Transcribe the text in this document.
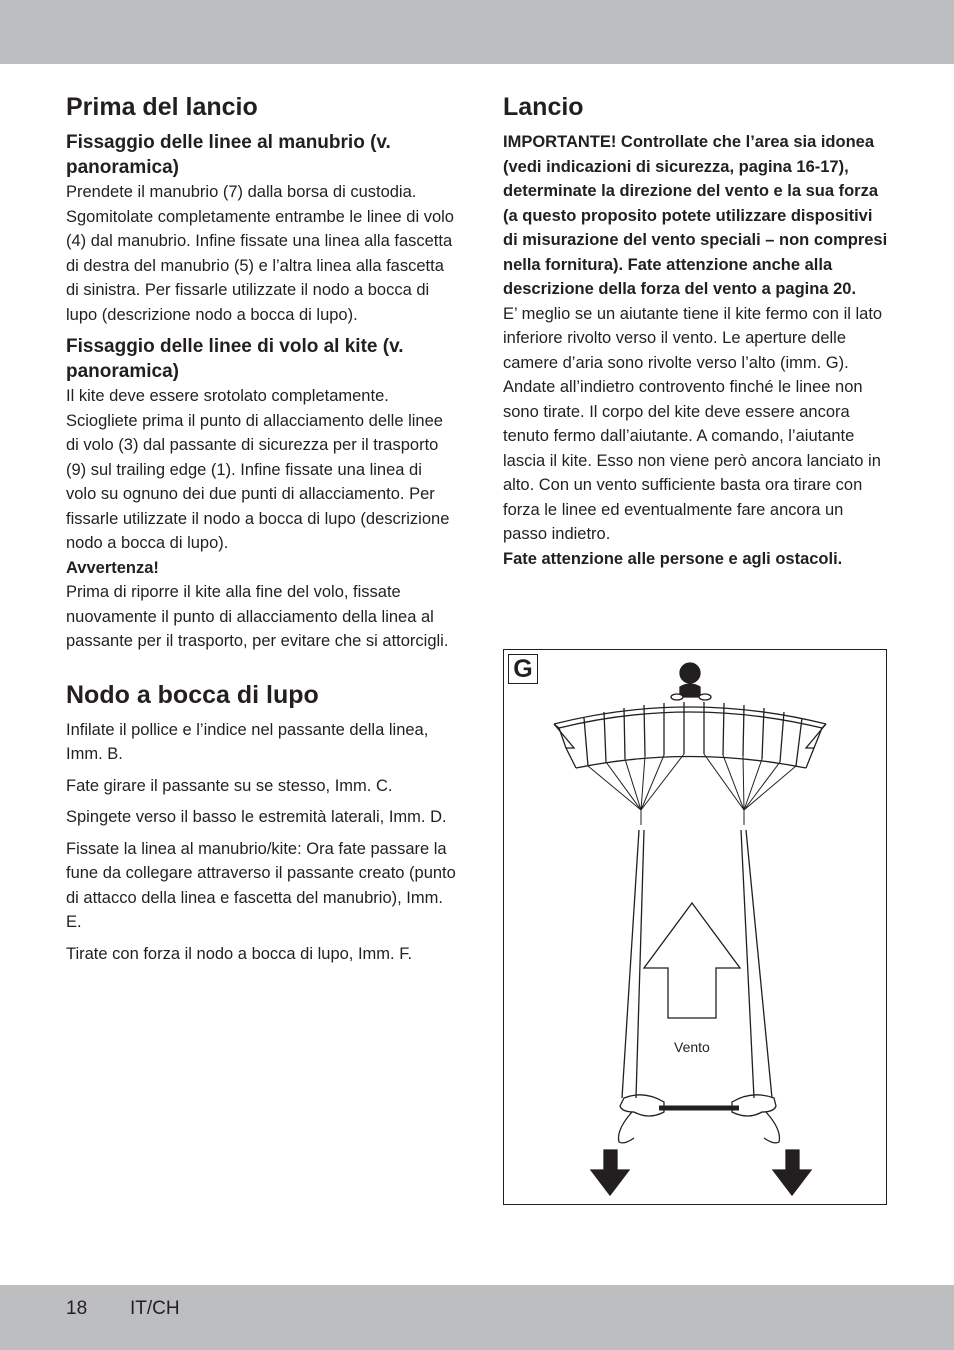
Prima del lancio
Fissaggio delle linee al manubrio (v. panoramica)

Prendete il manubrio (7) dalla borsa di custodia. Sgomitolate completamente entrambe le linee di volo (4) dal manubrio. Infine fissate una linea alla fascetta di destra del manubrio (5) e l’altra linea alla fascetta di sinistra. Per fissarle utilizzate il nodo a bocca di lupo (descrizione nodo a bocca di lupo).

Fissaggio delle linee di volo al kite (v. panoramica)

Il kite deve essere srotolato completamente. Sciogliete prima il punto di allacciamento delle linee di volo (3) dal passante di sicurezza per il trasporto (9) sul trailing edge (1). Infine fissate una linea di volo su ognuno dei due punti di allacciamento. Per fissarle utilizzate il nodo a bocca di lupo (descrizione nodo a bocca di lupo).

Avvertenza!

Prima di riporre il kite alla fine del volo, fissate nuovamente il punto di allacciamento della linea al passante per il trasporto, per evitare che si attorcigli.

Nodo a bocca di lupo

Infilate il pollice e l’indice nel passante della linea, Imm. B.

Fate girare il passante su se stesso, Imm. C.

Spingete verso il basso le estremità laterali, Imm. D.

Fissate la linea al manubrio/kite: Ora fate passare la fune da collegare attraverso il passante creato (punto di attacco della linea e fascetta del manubrio), Imm. E.

Tirate con forza il nodo a bocca di lupo, Imm. F.

Lancio

IMPORTANTE! Controllate che l’area sia idonea (vedi indicazioni di sicurezza, pagina 16-17), determinate la direzione del vento e la sua forza (a questo proposito potete utilizzare dispositivi di misurazione del vento speciali – non compresi nella fornitura). Fate attenzione anche alla descrizione della forza del vento a pagina 20.

E’ meglio se un aiutante tiene il kite fermo con il lato inferiore rivolto verso il vento. Le aperture delle camere d’aria sono rivolte verso l’alto (imm. G). Andate all’indietro controvento finché le linee non sono tirate. Il corpo del kite deve essere ancora tenuto fermo dall’aiutante. A comando, l’aiutante lascia il kite. Esso non viene però ancora lanciato in alto. Con un vento sufficiente basta ora tirare con forza le linee ed eventualmente fare ancora un passo indietro.

Fate attenzione alle persone e agli ostacoli.

G
Vento
18 IT/CH
